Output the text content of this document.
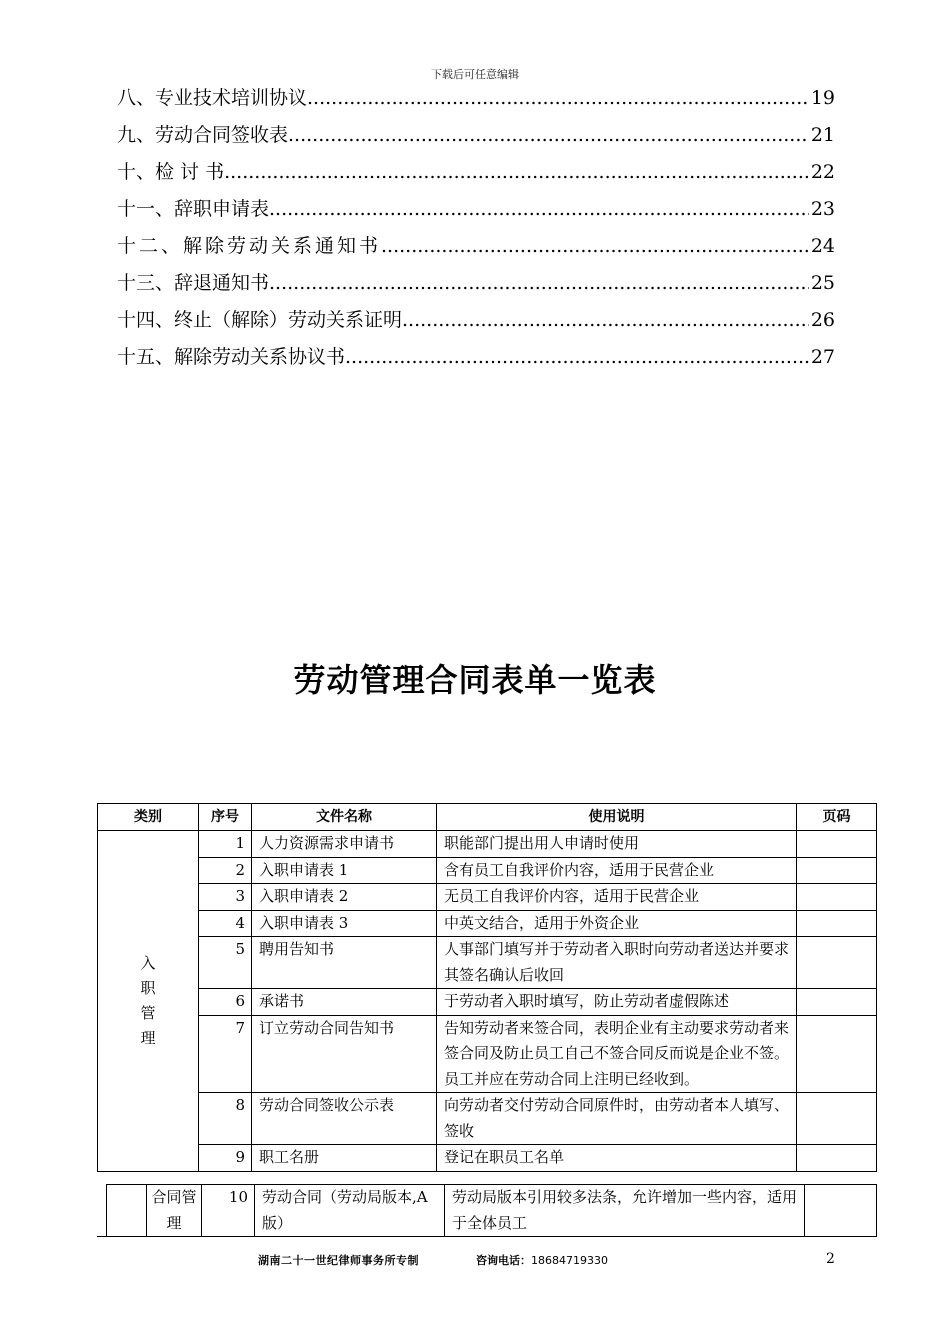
下载后可任意编辑
八、专业技术培训协议 .....	19
九、劳动合同签收表 .....	21
十、检 讨 书 .....	22
十一、辞职申请表 .....	23
十二、解除劳动关系通知书 .....	24
十三、辞退通知书 .....	25
十四、终止（解除）劳动关系证明 .....	26
十五、解除劳动关系协议书 .....	27
劳动管理合同表单一览表
类别	序号	文件名称	使用说明	页码

入
职
管
理	1	人力资源需求申请书	职能部门提出用人申请时使用	
	2	入职申请表 1	含有员工自我评价内容，适用于民营企业	
	3	入职申请表 2	无员工自我评价内容，适用于民营企业	
	4	入职申请表 3	中英文结合，适用于外资企业	
	5	聘用告知书	人事部门填写并于劳动者入职时向劳动者送达并要求其签名确认后收回	
	6	承诺书	于劳动者入职时填写，防止劳动者虚假陈述	
	7	订立劳动合同告知书	告知劳动者来签合同，表明企业有主动要求劳动者来签合同及防止员工自己不签合同反而说是企业不签。员工并应在劳动合同上注明已经收到。	
	8	劳动合同签收公示表	向劳动者交付劳动合同原件时，由劳动者本人填写、签收	
	9	职工名册	登记在职员工名单	
	合同管理	10	劳动合同（劳动局版本,A 版）	劳动局版本引用较多法条，允许增加一些内容，适用于全体员工	
湖南二十一世纪律师事务所专制	咨询电话：18684719330	2
